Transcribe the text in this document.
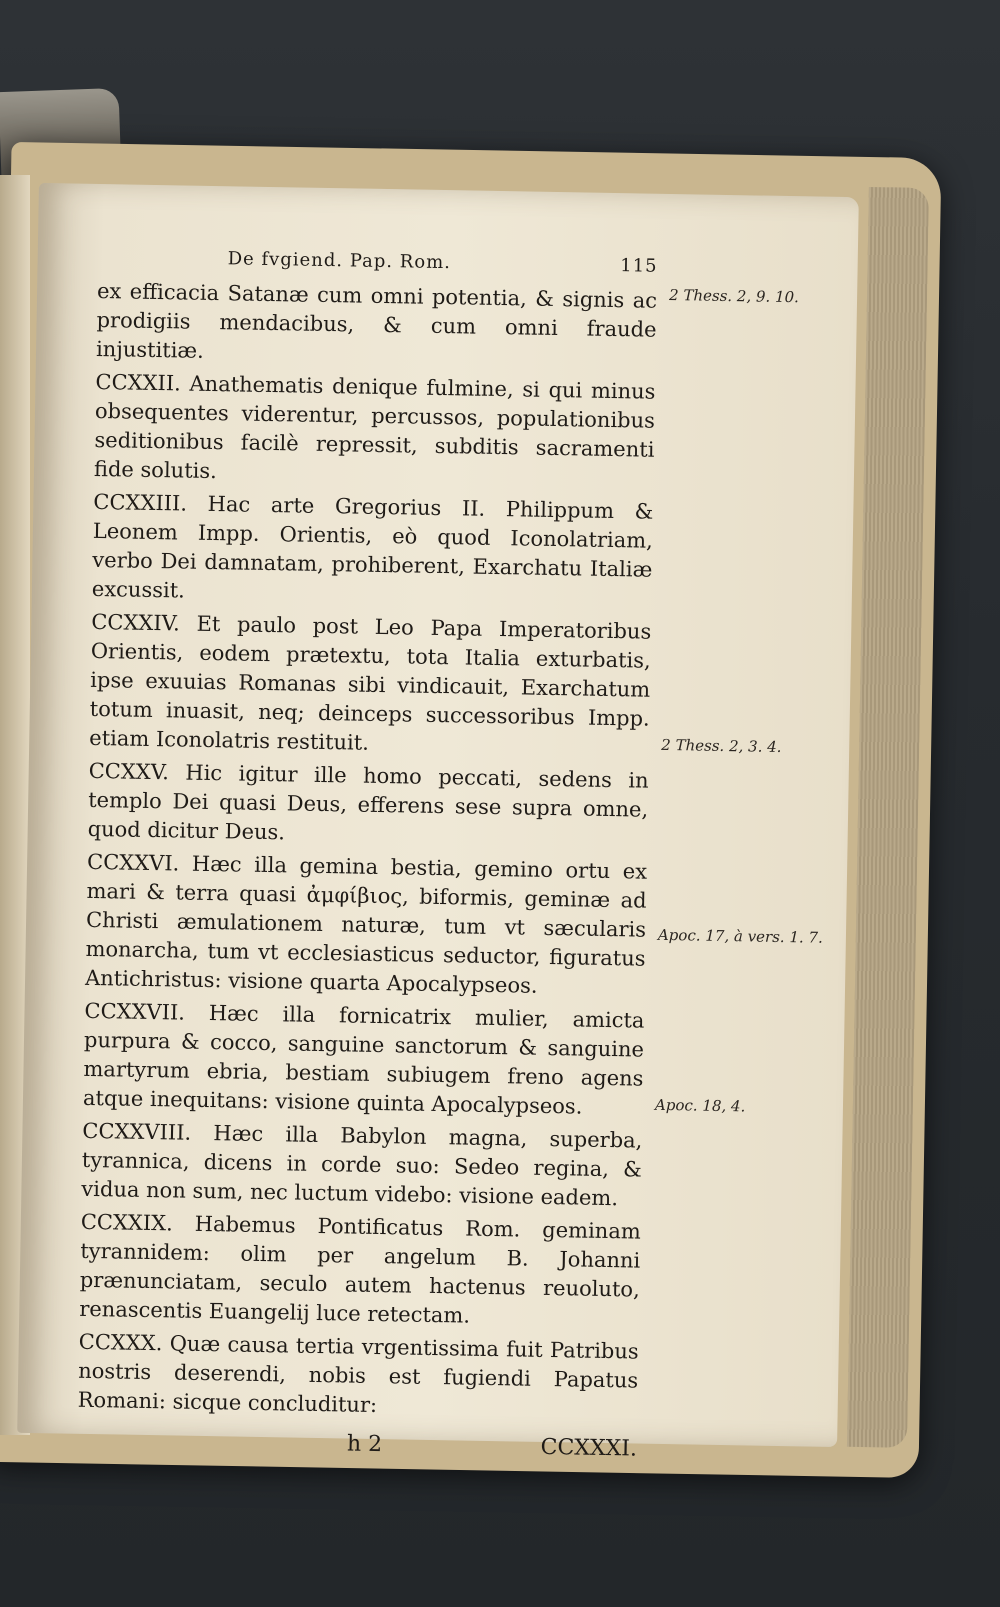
De fvgiend. Pap. Rom.	115

ex efficacia Satanæ cum omni potentia, & signis ac prodigiis mendacibus, & cum omni fraude injustitiæ.

CCXXII. Anathematis denique fulmine, si qui minus obsequentes viderentur, percussos, populationibus seditionibus facilè repressit, subditis sacramenti fide solutis.

CCXXIII. Hac arte Gregorius II. Philippum & Leonem Impp. Orientis, eò quod Iconolatriam, verbo Dei damnatam, prohiberent, Exarchatu Italiæ excussit.

CCXXIV. Et paulo post Leo Papa Imperatoribus Orientis, eodem prætextu, tota Italia exturbatis, ipse exuuias Romanas sibi vindicauit, Exarchatum totum inuasit, neq; deinceps successoribus Impp. etiam Iconolatris restituit.

CCXXV. Hic igitur ille homo peccati, sedens in templo Dei quasi Deus, efferens sese supra omne, quod dicitur Deus.

CCXXVI. Hæc illa gemina bestia, gemino ortu ex mari & terra quasi ἀμφίβιος, biformis, geminæ ad Christi æmulationem naturæ, tum vt sæcularis monarcha, tum vt ecclesiasticus seductor, figuratus Antichristus: visione quarta Apocalypseos.

CCXXVII. Hæc illa fornicatrix mulier, amicta purpura & cocco, sanguine sanctorum & sanguine martyrum ebria, bestiam subiugem freno agens atque inequitans: visione quinta Apocalypseos.

CCXXVIII. Hæc illa Babylon magna, superba, tyrannica, dicens in corde suo: Sedeo regina, & vidua non sum, nec luctum videbo: visione eadem.

CCXXIX. Habemus Pontificatus Rom. geminam tyrannidem: olim per angelum B. Johanni prænunciatam, seculo autem hactenus reuoluto, renascentis Euangelij luce retectam.

CCXXX. Quæ causa tertia vrgentissima fuit Patribus nostris deserendi, nobis est fugiendi Papatus Romani: sicque concluditur:

h 2	CCXXXI.
2 Thess. 2, 9. 10.
2 Thess. 2, 3. 4.
Apoc. 17, à vers. 1. 7.
Apoc. 18, 4.
